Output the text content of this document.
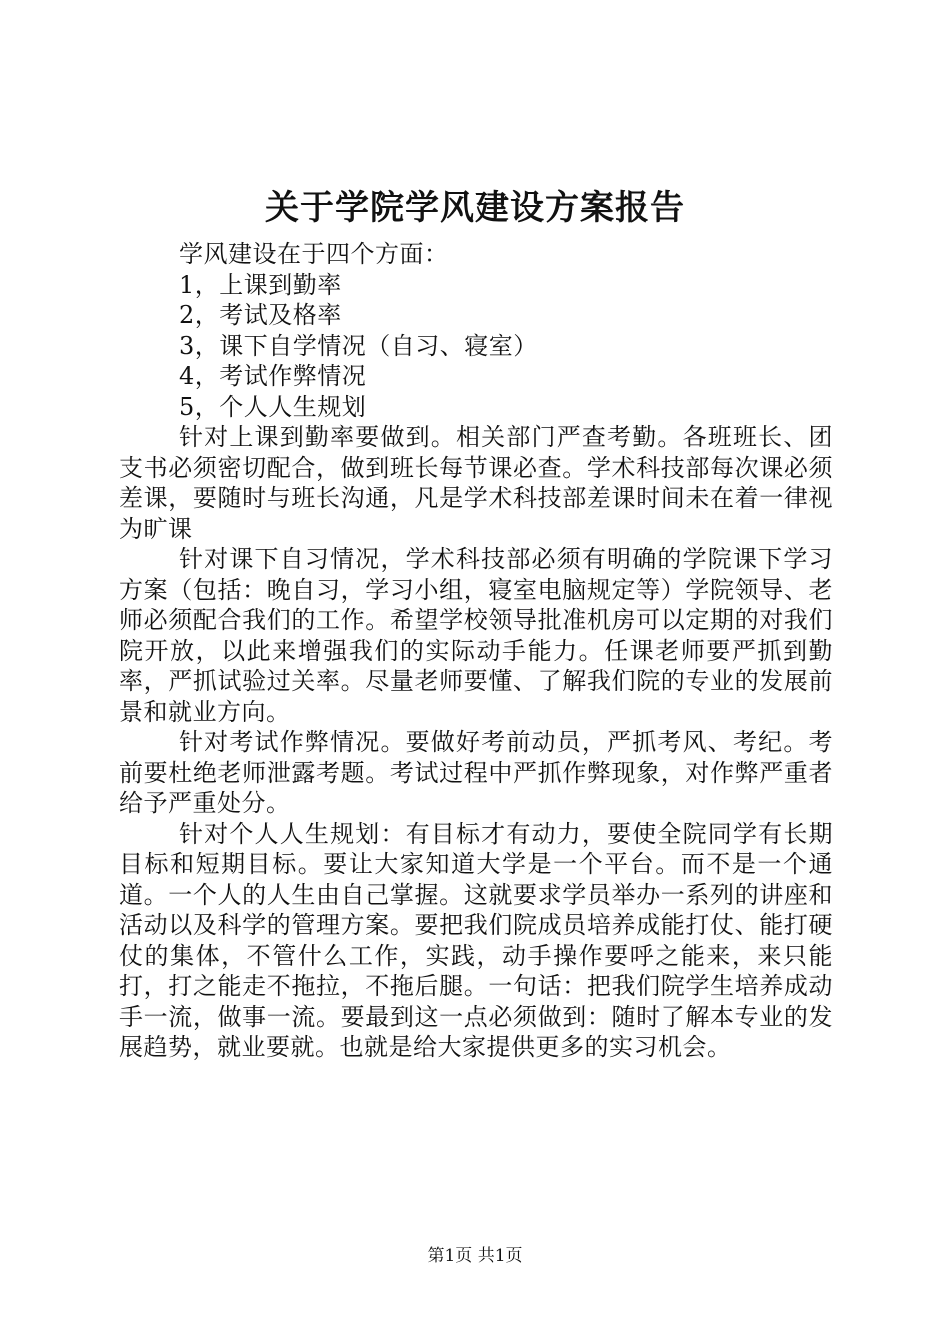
关于学院学风建设方案报告

学风建设在于四个方面：

1，上课到勤率

2，考试及格率

3，课下自学情况（自习、寝室）

4，考试作弊情况

5，个人人生规划

针对上课到勤率要做到。相关部门严查考勤。各班班长、团支书必须密切配合，做到班长每节课必查。学术科技部每次课必须差课，要随时与班长沟通，凡是学术科技部差课时间未在着一律视为旷课

针对课下自习情况，学术科技部必须有明确的学院课下学习方案（包括：晚自习，学习小组，寝室电脑规定等）学院领导、老师必须配合我们的工作。希望学校领导批准机房可以定期的对我们院开放，以此来增强我们的实际动手能力。任课老师要严抓到勤率，严抓试验过关率。尽量老师要懂、了解我们院的专业的发展前景和就业方向。

针对考试作弊情况。要做好考前动员，严抓考风、考纪。考前要杜绝老师泄露考题。考试过程中严抓作弊现象，对作弊严重者给予严重处分。

针对个人人生规划：有目标才有动力，要使全院同学有长期目标和短期目标。要让大家知道大学是一个平台。而不是一个通道。一个人的人生由自己掌握。这就要求学员举办一系列的讲座和活动以及科学的管理方案。要把我们院成员培养成能打仗、能打硬仗的集体，不管什么工作，实践，动手操作要呼之能来，来只能打，打之能走不拖拉，不拖后腿。一句话：把我们院学生培养成动手一流，做事一流。要最到这一点必须做到：随时了解本专业的发展趋势，就业要就。也就是给大家提供更多的实习机会。

第1页 共1页
